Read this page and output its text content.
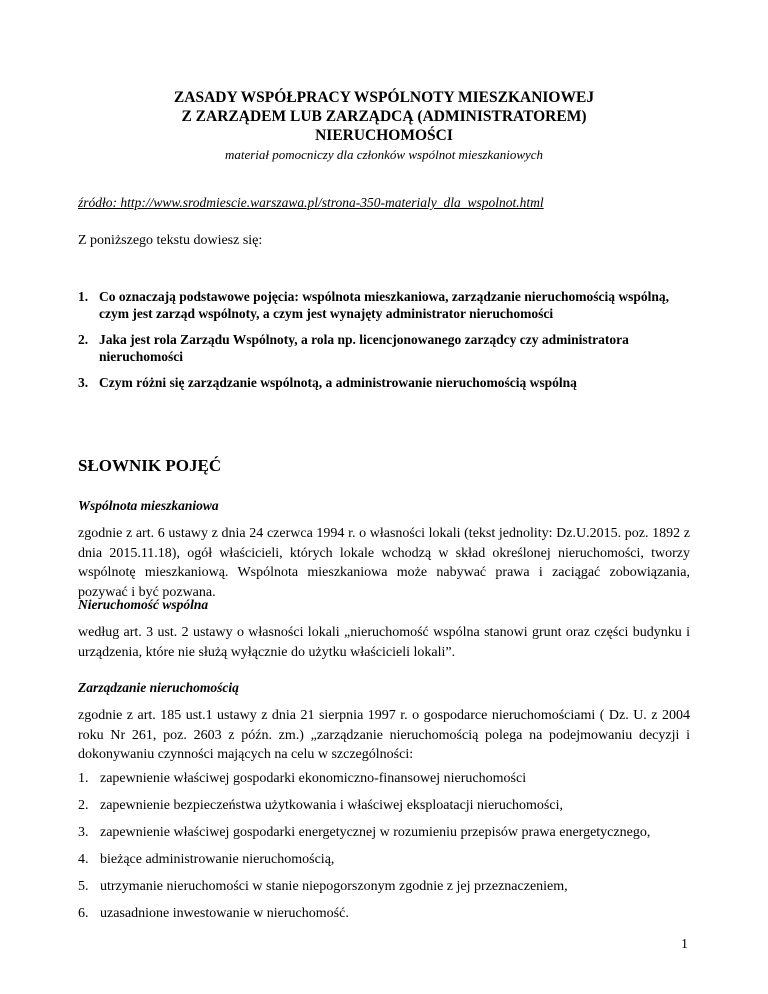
ZASADY WSPÓŁPRACY WSPÓLNOTY MIESZKANIOWEJ
Z ZARZĄDEM LUB ZARZĄDCĄ (ADMINISTRATOREM)
NIERUCHOMOŚCI
materiał pomocniczy dla członków wspólnot mieszkaniowych
źródło: http://www.srodmiescie.warszawa.pl/strona-350-materialy_dla_wspolnot.html
Z poniższego tekstu dowiesz się:
1. Co oznaczają podstawowe pojęcia: wspólnota mieszkaniowa, zarządzanie nieruchomością wspólną, czym jest zarząd wspólnoty, a czym jest wynajęty administrator nieruchomości
2. Jaka jest rola Zarządu Wspólnoty, a rola np. licencjonowanego zarządcy czy administratora nieruchomości
3. Czym różni się zarządzanie wspólnotą, a administrowanie nieruchomością wspólną
SŁOWNIK POJĘĆ
Wspólnota mieszkaniowa
zgodnie z art. 6 ustawy z dnia 24 czerwca 1994 r. o własności lokali (tekst jednolity: Dz.U.2015. poz. 1892 z dnia 2015.11.18), ogół właścicieli, których lokale wchodzą w skład określonej nieruchomości, tworzy wspólnotę mieszkaniową. Wspólnota mieszkaniowa może nabywać prawa i zaciągać zobowiązania, pozywać i być pozwana.
Nieruchomość wspólna
według art. 3 ust. 2 ustawy o własności lokali „nieruchomość wspólna stanowi grunt oraz części budynku i urządzenia, które nie służą wyłącznie do użytku właścicieli lokali”.
Zarządzanie nieruchomością
zgodnie z art. 185 ust.1 ustawy z dnia 21 sierpnia 1997 r. o gospodarce nieruchomościami ( Dz. U. z 2004 roku Nr 261, poz. 2603 z późn. zm.) „zarządzanie nieruchomością polega na podejmowaniu decyzji i dokonywaniu czynności mających na celu w szczególności:
1. zapewnienie właściwej gospodarki ekonomiczno-finansowej nieruchomości
2. zapewnienie bezpieczeństwa użytkowania i właściwej eksploatacji nieruchomości,
3. zapewnienie właściwej gospodarki energetycznej w rozumieniu przepisów prawa energetycznego,
4. bieżące administrowanie nieruchomością,
5. utrzymanie nieruchomości w stanie niepogorszonym zgodnie z jej przeznaczeniem,
6. uzasadnione inwestowanie w nieruchomość.
1
